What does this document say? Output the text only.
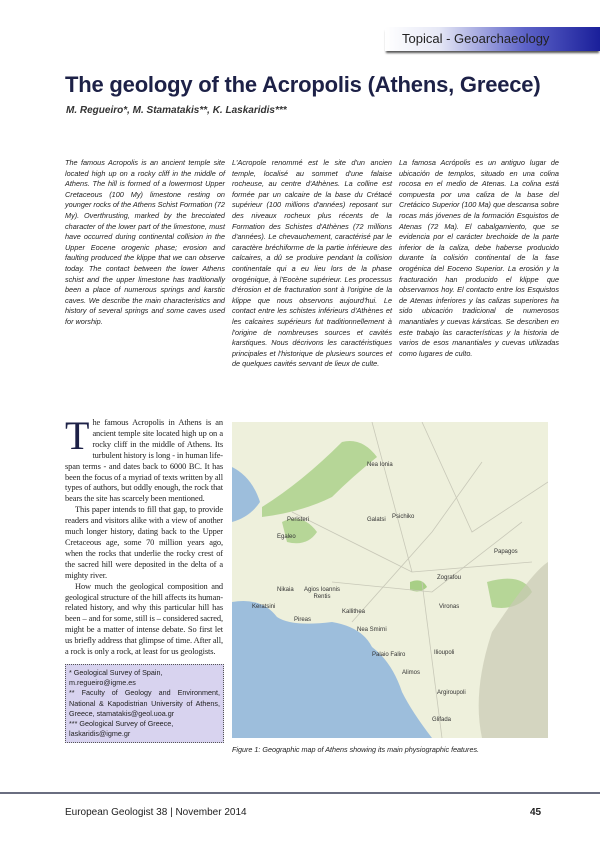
Topical - Geoarchaeology
The geology of the Acropolis (Athens, Greece)
M. Regueiro*, M. Stamatakis**, K. Laskaridis***
The famous Acropolis is an ancient temple site located high up on a rocky cliff in the middle of Athens. The hill is formed of a lowermost Upper Cretaceous (100 My) limestone resting on younger rocks of the Athens Schist Formation (72 My). Overthrusting, marked by the brecciated character of the lower part of the limestone, must have occurred during continental collision in the Upper Eocene orogenic phase; erosion and faulting produced the klippe that we can observe today. The contact between the lower Athens schist and the upper limestone has traditionally been a place of numerous springs and karstic caves. We describe the main characteristics and history of several springs and some caves used for worship.
L'Acropole renommé est le site d'un ancien temple, localisé au sommet d'une falaise rocheuse, au centre d'Athènes. La colline est formée par un calcaire de la base du Crétacé supérieur (100 millions d'années) reposant sur des niveaux rocheux plus récents de la Formation des Schistes d'Athènes (72 millions d'années). Le chevauchement, caractérisé par le caractère bréchiforme de la partie inférieure des calcaires, a dû se produire pendant la collision continentale qui a eu lieu lors de la phase orogénique, à l'Eocène supérieur. Les processus d'érosion et de fracturation sont à l'origine de la klippe que nous observons aujourd'hui. Le contact entre les schistes inférieurs d'Athènes et les calcaires supérieurs fut traditionnellement à l'origine de nombreuses sources et cavités karstiques. Nous décrivons les caractéristiques principales et l'historique de plusieurs sources et de quelques cavités servant de lieux de culte.
La famosa Acrópolis es un antiguo lugar de ubicación de templos, situado en una colina rocosa en el medio de Atenas. La colina está compuesta por una caliza de la base del Cretácico Superior (100 Ma) que descansa sobre rocas más jóvenes de la formación Esquistos de Atenas (72 Ma). El cabalgamiento, que se evidencia por el carácter brechoide de la parte inferior de la caliza, debe haberse producido durante la colisión continental de la fase orogénica del Eoceno Superior. La erosión y la fracturación han producido el klippe que observamos hoy. El contacto entre los Esquistos de Atenas inferiores y las calizas superiores ha sido ubicación tradicional de numerosos manantiales y cuevas kársticas. Se describen en este trabajo las características y la historia de varios de esos manantiales y cuevas utilizadas como lugares de culto.

The famous Acropolis in Athens is an ancient temple site located high up on a rocky cliff in the middle of Athens. Its turbulent history is long - in human life-span terms - and dates back to 6000 BC. It has been the focus of a myriad of texts written by all types of authors, but oddly enough, the rock that bears the site has scarcely been mentioned.

This paper intends to fill that gap, to provide readers and visitors alike with a view of another much longer history, dating back to the Upper Cretaceous age, some 70 million years ago, when the rocks that underlie the rocky crest of the sacred hill were deposited in the delta of a mighty river.

How much the geological composition and geological structure of the hill affects its human-related history, and why this particular hill has been – and for some, still is – considered sacred, might be a matter of intense debate. So first let us briefly address that glimpse of time. After all, a rock is only a rock, at least for us geologists.

* Geological Survey of Spain, m.regueiro@igme.es
** Faculty of Geology and Environment, National & Kapodistrian University of Athens, Greece, stamatakis@geol.uoa.gr
*** Geological Survey of Greece, laskaridis@igme.gr
Nea Ionia
Peristeri
Egaleo
Galatsi Psichiko
Papagos
Zografou
Keratsini
Nikaia	Agios Ioannis Rentis
Pireas
Kallithea
Vironas
Nea Smirni
Ilioupoli
Palaio Faliro
Alimos
Argiroupoli
Glifada
Figure 1: Geographic map of Athens showing its main physiographic features.
European Geologist 38 | November 2014	45
